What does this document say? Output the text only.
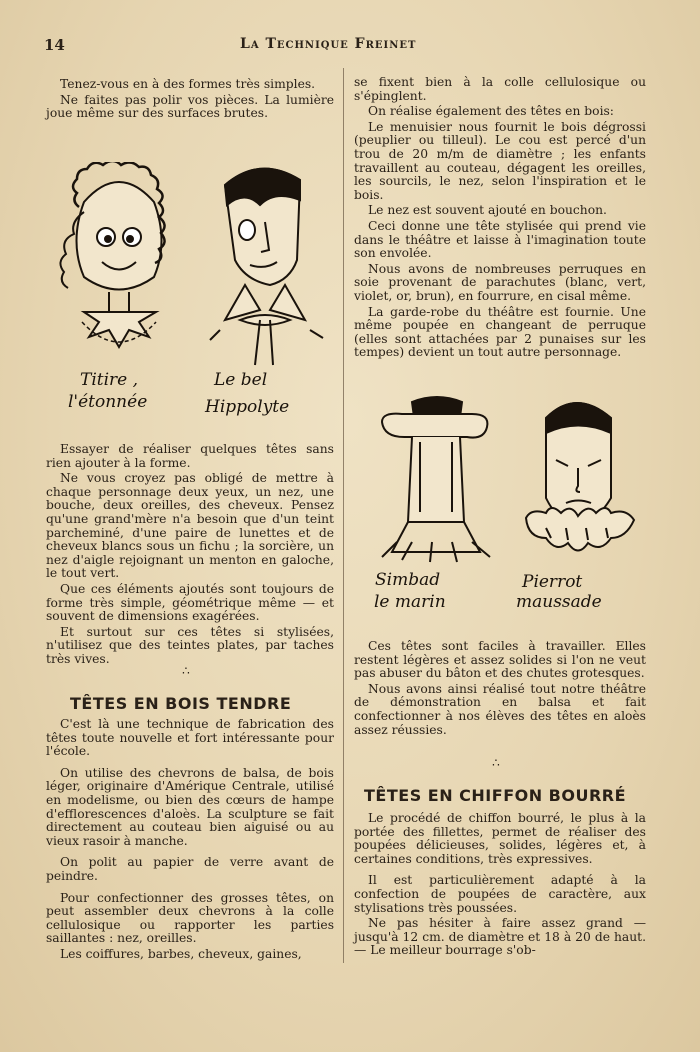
14	La Technique Freinet

Tenez-vous en à des formes très simples.

Ne faites pas polir vos pièces. La lumière joue même sur des surfaces brutes.

Titire ,
l'étonnée
Le bel
Hippolyte

Essayer de réaliser quelques têtes sans rien ajouter à la forme.

Ne vous croyez pas obligé de mettre à chaque personnage deux yeux, un nez, une bouche, deux oreilles, des cheveux. Pensez qu'une grand'mère n'a besoin que d'un teint parcheminé, d'une paire de lunettes et de cheveux blancs sous un fichu ; la sorcière, un nez d'aigle rejoignant un menton en galoche, le tout vert.

Que ces éléments ajoutés sont toujours de forme très simple, géométrique même — et souvent de dimensions exagérées.

Et surtout sur ces têtes si stylisées, n'utilisez que des teintes plates, par taches très vives.

∴
TÊTES EN BOIS TENDRE

C'est là une technique de fabrication des têtes toute nouvelle et fort intéressante pour l'école.

On utilise des chevrons de balsa, de bois léger, originaire d'Amérique Centrale, utilisé en modelisme, ou bien des cœurs de hampe d'efflorescences d'aloès. La sculpture se fait directement au couteau bien aiguisé ou au vieux rasoir à manche.

On polit au papier de verre avant de peindre.

Pour confectionner des grosses têtes, on peut assembler deux chevrons à la colle cellulosique ou rapporter les parties saillantes : nez, oreilles.

Les coiffures, barbes, cheveux, gaines,

se fixent bien à la colle cellulosique ou s'épinglent.

On réalise également des têtes en bois:

Le menuisier nous fournit le bois dégrossi (peuplier ou tilleul). Le cou est percé d'un trou de 20 m/m de diamètre ; les enfants travaillent au couteau, dégagent les oreilles, les sourcils, le nez, selon l'inspiration et le bois.

Le nez est souvent ajouté en bouchon.

Ceci donne une tête stylisée qui prend vie dans le théâtre et laisse à l'imagination toute son envolée.

Nous avons de nombreuses perruques en soie provenant de parachutes (blanc, vert, violet, or, brun), en fourrure, en cisal même.

La garde-robe du théâtre est fournie. Une même poupée en changeant de perruque (elles sont attachées par 2 punaises sur les tempes) devient un tout autre personnage.

Simbad
le marin
Pierrot
maussade

Ces têtes sont faciles à travailler. Elles restent légères et assez solides si l'on ne veut pas abuser du bâton et des chutes grotesques.

Nous avons ainsi réalisé tout notre théâtre de démonstration en balsa et fait confectionner à nos élèves des têtes en aloès assez réussies.

∴
TÊTES EN CHIFFON BOURRÉ

Le procédé de chiffon bourré, le plus à la portée des fillettes, permet de réaliser des poupées délicieuses, solides, légères et, à certaines conditions, très expressives.

Il est particulièrement adapté à la confection de poupées de caractère, aux stylisations très poussées.

Ne pas hésiter à faire assez grand — jusqu'à 12 cm. de diamètre et 18 à 20 de haut. — Le meilleur bourrage s'ob-
